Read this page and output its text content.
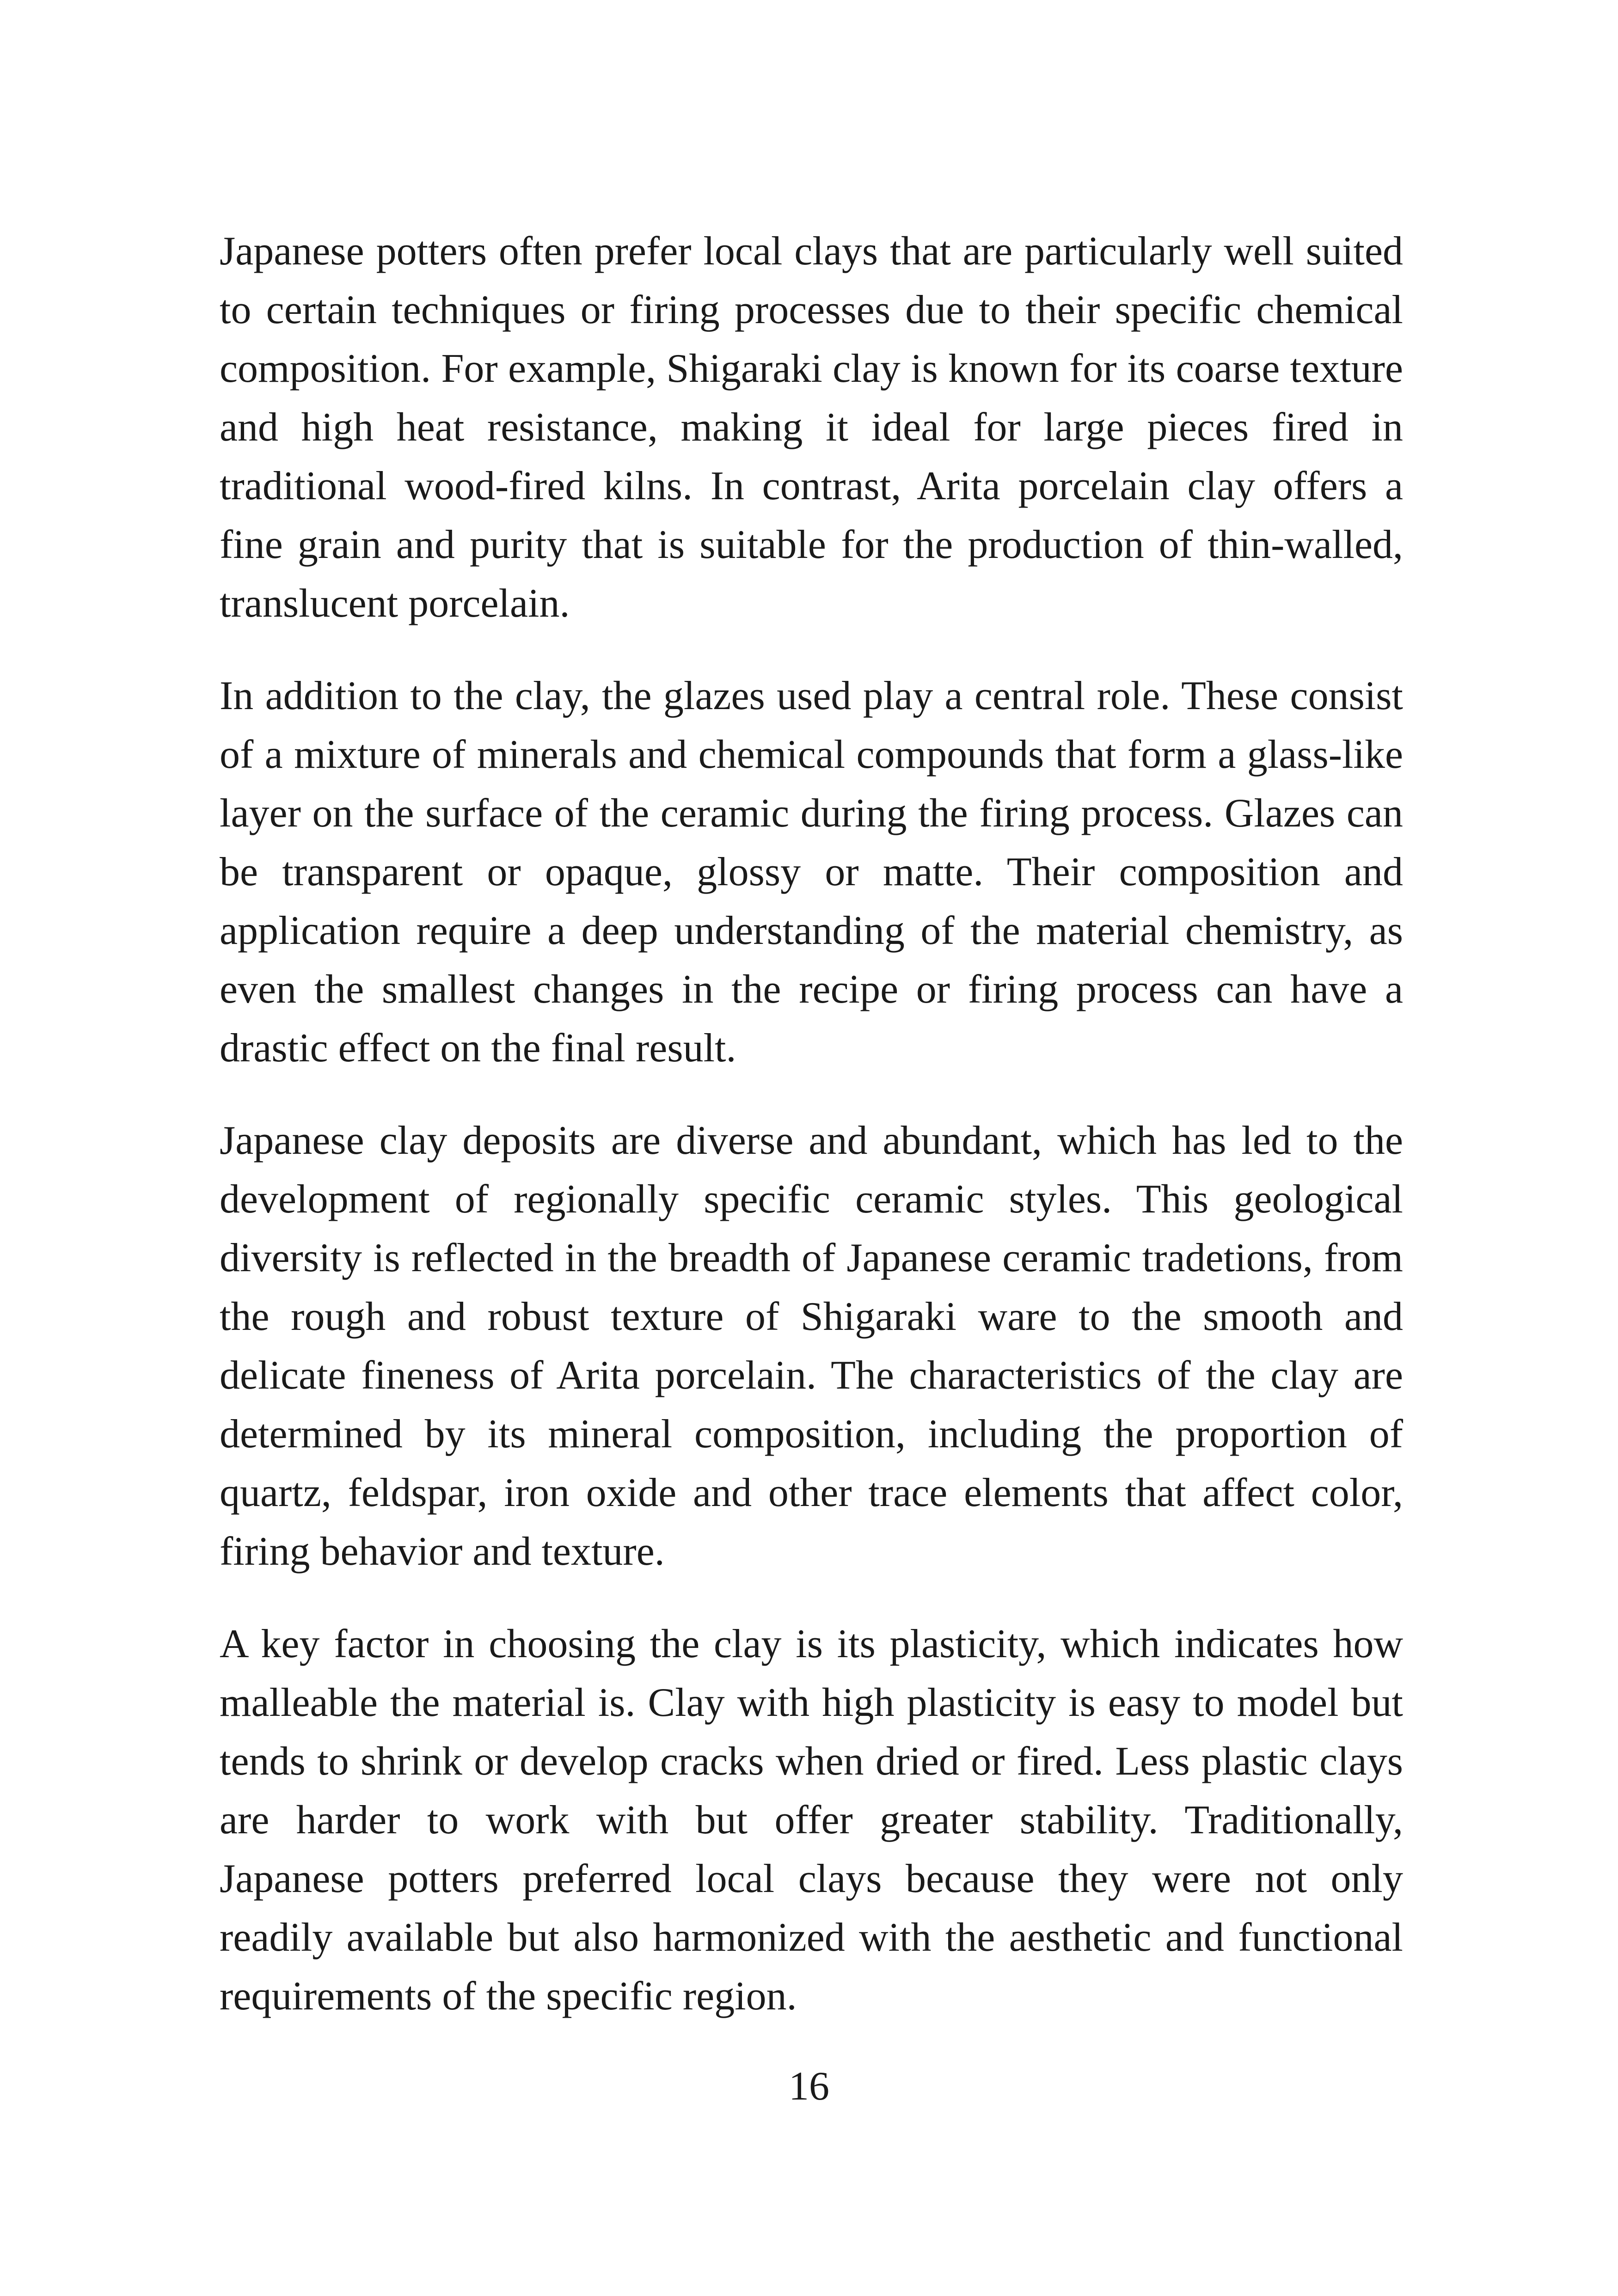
Japanese potters often prefer local clays that are particularly well suited to certain techniques or firing processes due to their specific chemical composition. For example, Shigaraki clay is known for its coarse texture and high heat resistance, making it ideal for large pieces fired in traditional wood-fired kilns. In contrast, Arita porcelain clay offers a fine grain and purity that is suitable for the production of thin-walled, translucent porcelain.

In addition to the clay, the glazes used play a central role. These consist of a mixture of minerals and chemical compounds that form a glass-like layer on the surface of the ceramic during the firing process. Glazes can be transparent or opaque, glossy or matte. Their composition and application require a deep understanding of the material chemistry, as even the smallest changes in the recipe or firing process can have a drastic effect on the final result.

Japanese clay deposits are diverse and abundant, which has led to the development of regionally specific ceramic styles. This geological diversity is reflected in the breadth of Japanese ceramic tradetions, from the rough and robust texture of Shigaraki ware to the smooth and delicate fineness of Arita porcelain. The characteristics of the clay are determined by its mineral composition, including the proportion of quartz, feldspar, iron oxide and other trace elements that affect color, firing behavior and texture.

A key factor in choosing the clay is its plasticity, which indicates how malleable the material is. Clay with high plasticity is easy to model but tends to shrink or develop cracks when dried or fired. Less plastic clays are harder to work with but offer greater stability. Traditionally, Japanese potters preferred local clays because they were not only readily available but also harmonized with the aesthetic and functional requirements of the specific region.

16
